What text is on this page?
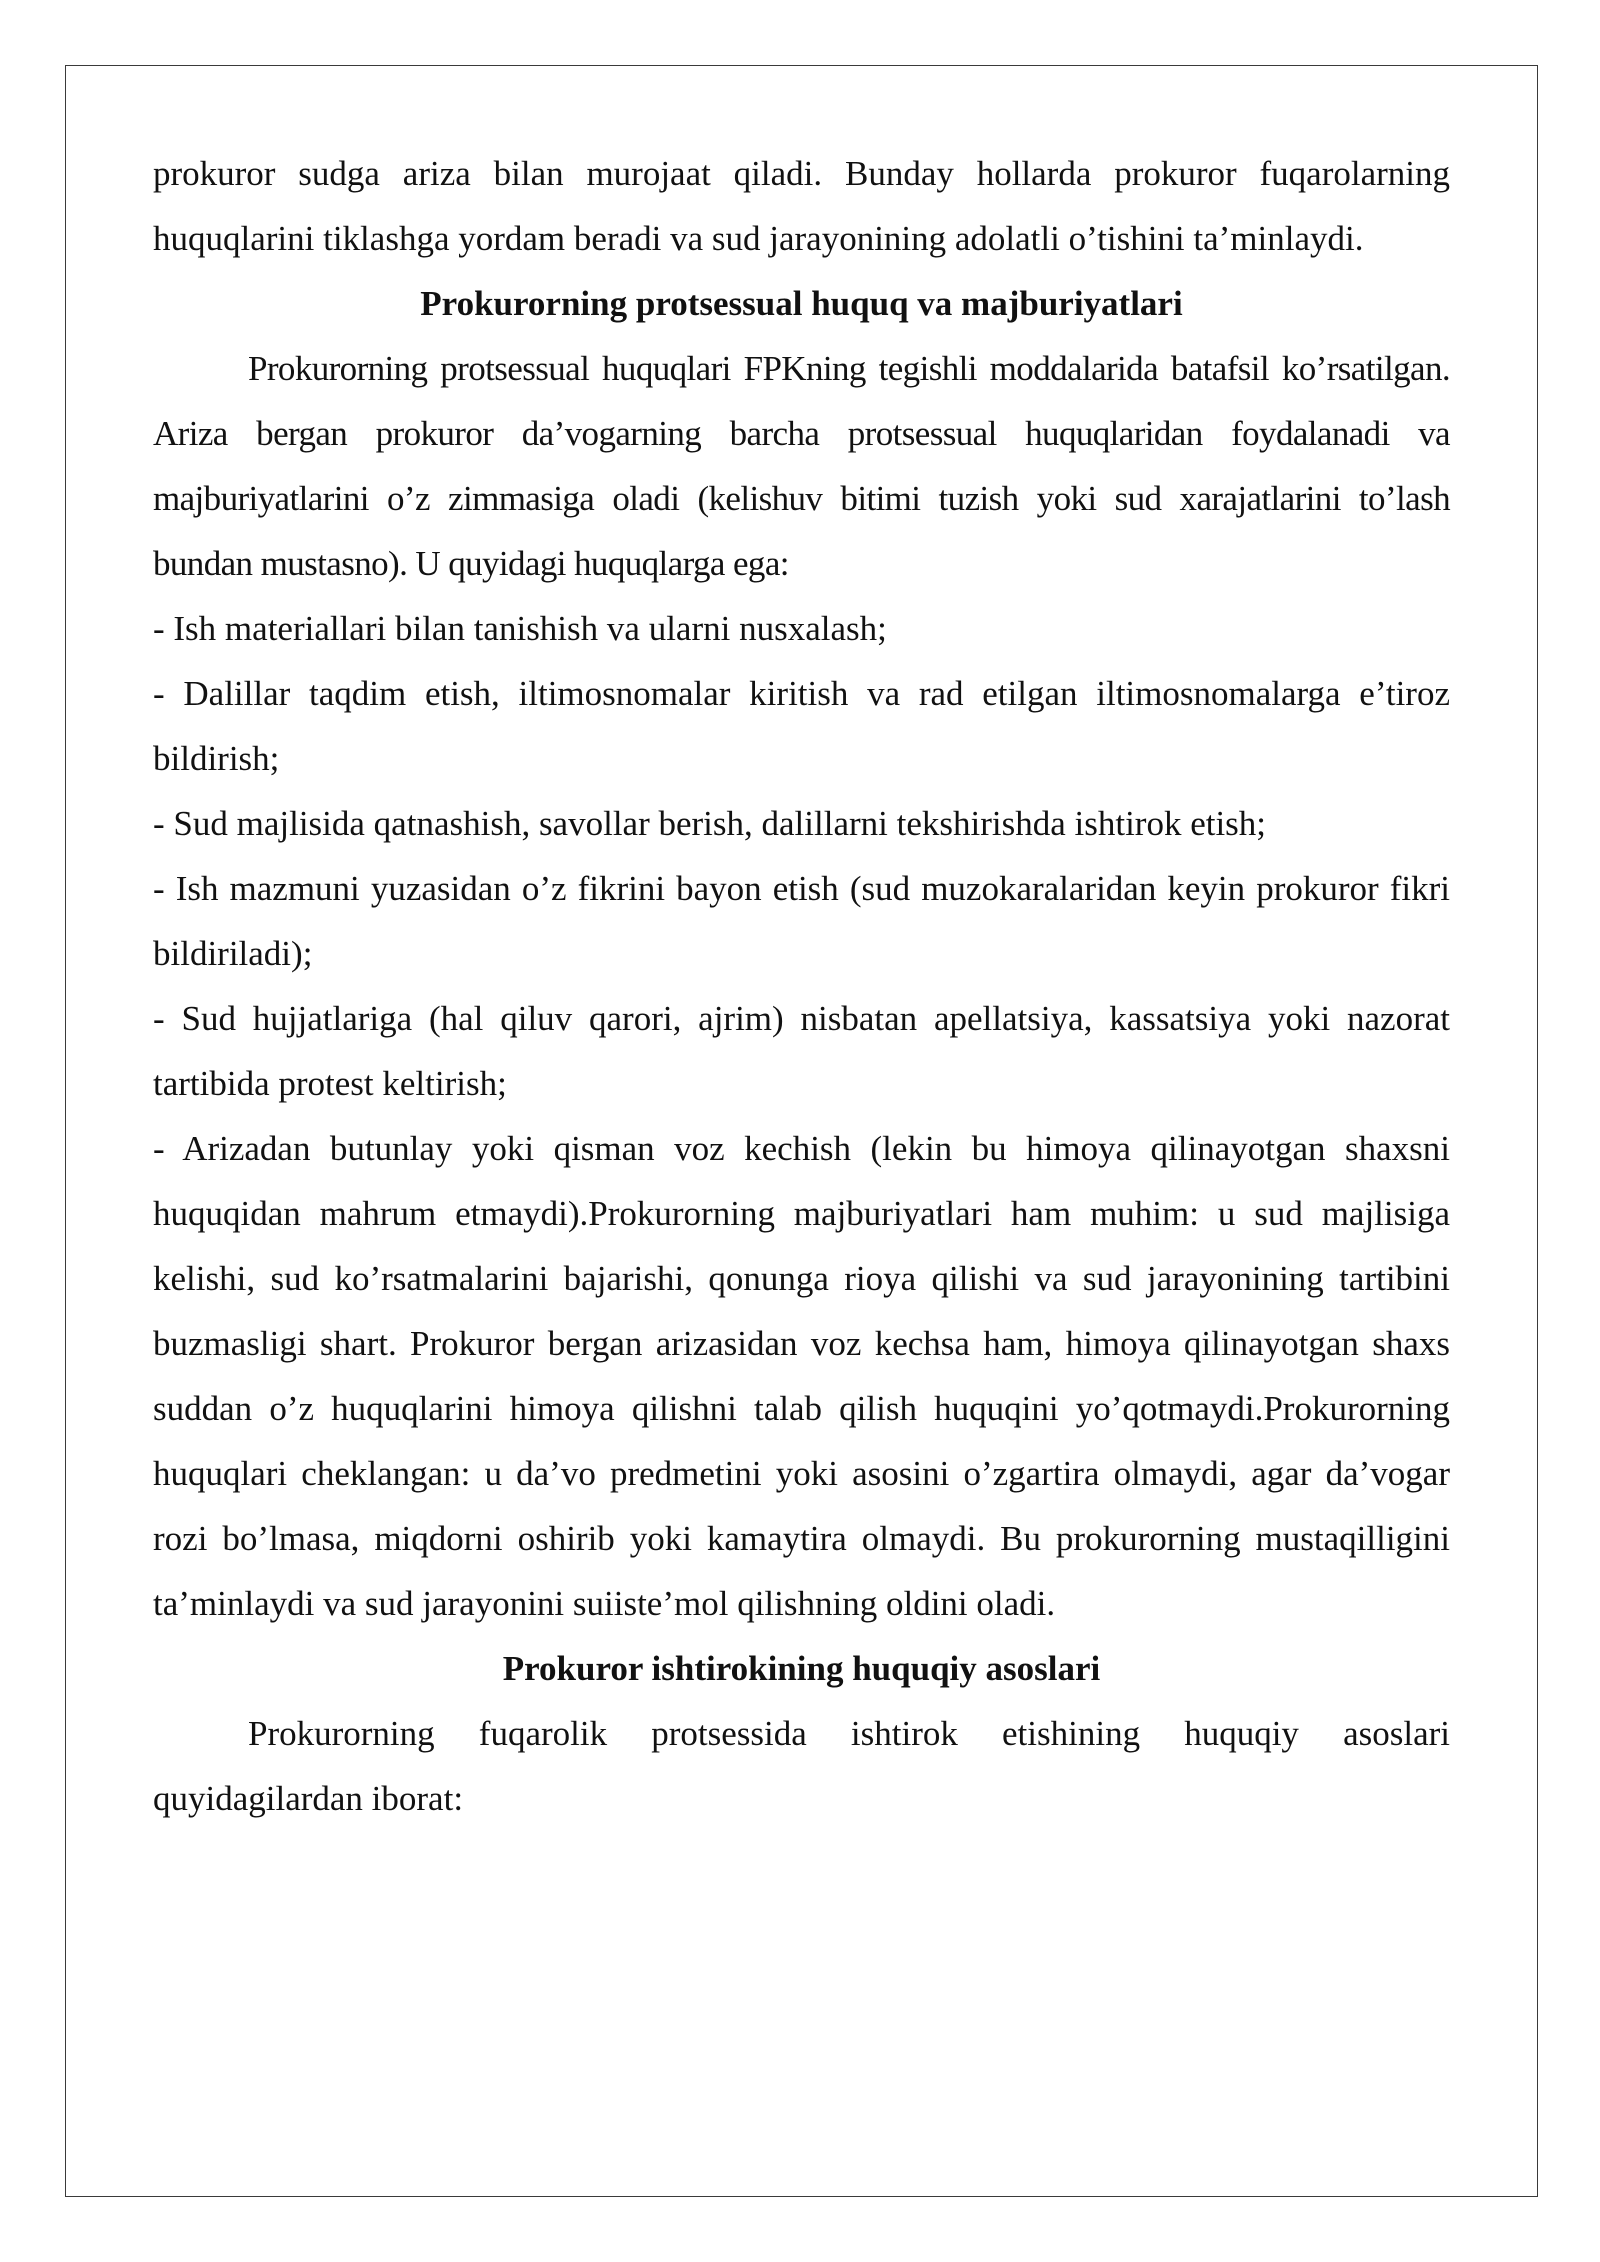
prokuror sudga ariza bilan murojaat qiladi. Bunday hollarda prokuror fuqarolarning huquqlarini tiklashga yordam beradi va sud jarayonining adolatli o’tishini ta’minlaydi.

Prokurorning protsessual huquq va majburiyatlari

Prokurorning protsessual huquqlari FPKning tegishli moddalarida batafsil ko’rsatilgan. Ariza bergan prokuror da’vogarning barcha protsessual huquqlaridan foydalanadi va majburiyatlarini o’z zimmasiga oladi (kelishuv bitimi tuzish yoki sud xarajatlarini to’lash bundan mustasno). U quyidagi huquqlarga ega:

- Ish materiallari bilan tanishish va ularni nusxalash;

- Dalillar taqdim etish, iltimosnomalar kiritish va rad etilgan iltimosnomalarga e’tiroz bildirish;

- Sud majlisida qatnashish, savollar berish, dalillarni tekshirishda ishtirok etish;

- Ish mazmuni yuzasidan o’z fikrini bayon etish (sud muzokaralaridan keyin prokuror fikri bildiriladi);

- Sud hujjatlariga (hal qiluv qarori, ajrim) nisbatan apellatsiya, kassatsiya yoki nazorat tartibida protest keltirish;

- Arizadan butunlay yoki qisman voz kechish (lekin bu himoya qilinayotgan shaxsni huquqidan mahrum etmaydi).Prokurorning majburiyatlari ham muhim: u sud majlisiga kelishi, sud ko’rsatmalarini bajarishi, qonunga rioya qilishi va sud jarayonining tartibini buzmasligi shart. Prokuror bergan arizasidan voz kechsa ham, himoya qilinayotgan shaxs suddan o’z huquqlarini himoya qilishni talab qilish huquqini yo’qotmaydi.Prokurorning huquqlari cheklangan: u da’vo predmetini yoki asosini o’zgartira olmaydi, agar da’vogar rozi bo’lmasa, miqdorni oshirib yoki kamaytira olmaydi. Bu prokurorning mustaqilligini ta’minlaydi va sud jarayonini suiiste’mol qilishning oldini oladi.

Prokuror ishtirokining huquqiy asoslari

Prokurorning fuqarolik protsessida ishtirok etishining huquqiy asoslari quyidagilardan iborat:
